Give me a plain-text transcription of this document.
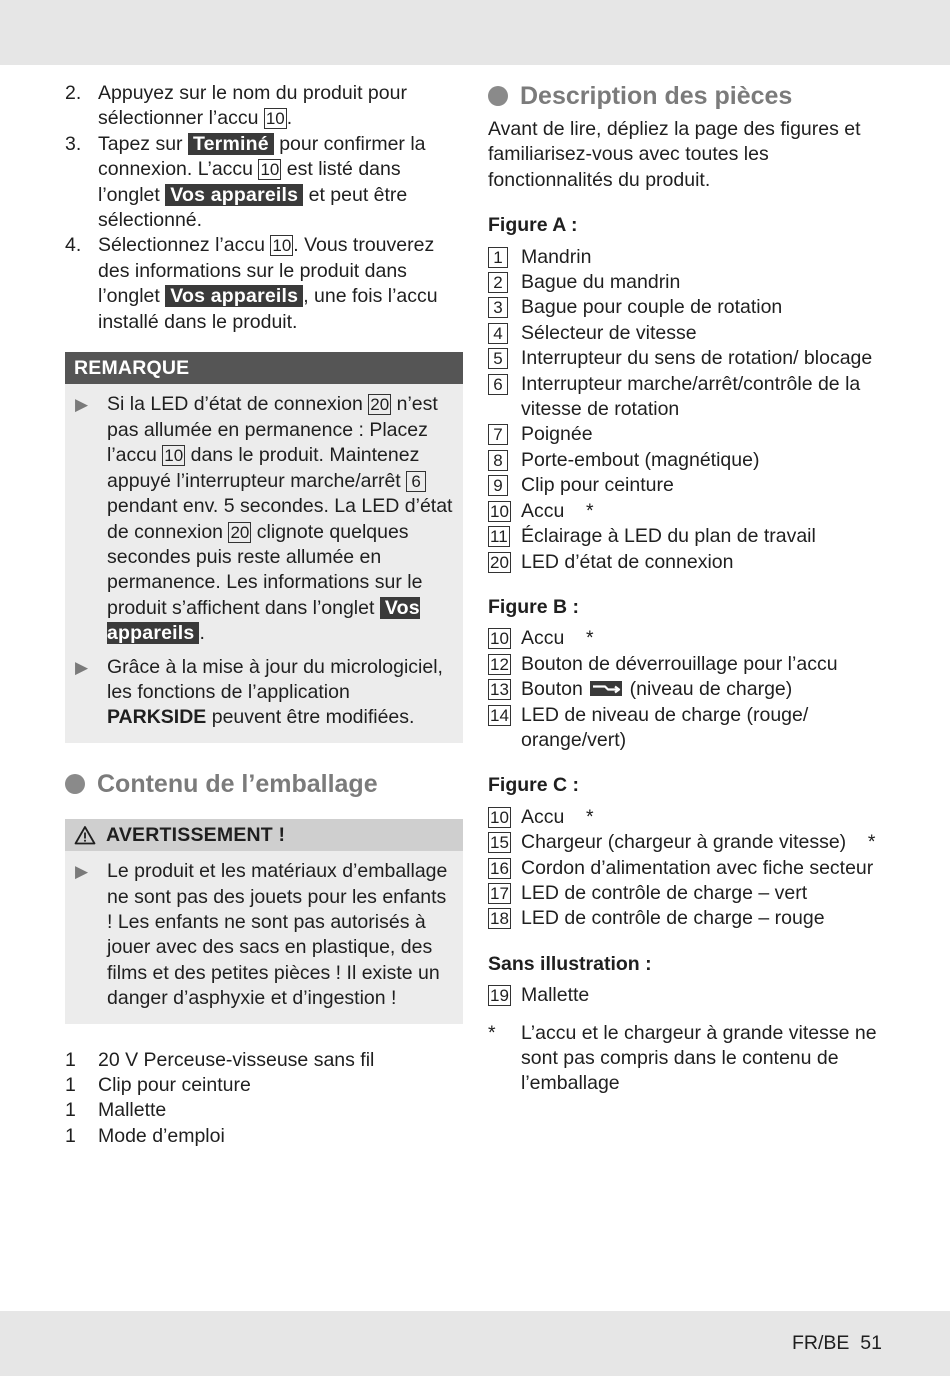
2. Appuyez sur le nom du produit pour sélectionner l’accu 10 .
3. Tapez sur Terminé pour confirmer la connexion. L’accu 10 est listé dans l’onglet Vos appareils et peut être sélectionné.
4. Sélectionnez l’accu 10 . Vous trouverez des informations sur le produit dans l’onglet Vos appareils , une fois l’accu installé dans le produit.
REMARQUE
▶ Si la LED d’état de connexion 20 n’est pas allumée en permanence : Placez l’accu 10 dans le produit. Maintenez appuyé l’interrupteur marche/arrêt 6 pendant env. 5 secondes. La LED d’état de connexion 20 clignote quelques secondes puis reste allumée en permanence. Les informations sur le produit s’affichent dans l’onglet Vos appareils .
▶ Grâce à la mise à jour du micrologiciel, les fonctions de l’application PARKSIDE peuvent être modifiées.
Contenu de l’emballage
AVERTISSEMENT !
▶ Le produit et les matériaux d’emballage ne sont pas des jouets pour les enfants ! Les enfants ne sont pas autorisés à jouer avec des sacs en plastique, des films et des petites pièces ! Il existe un danger d’asphyxie et d’ingestion !
1	20 V Perceuse-visseuse sans fil
1	Clip pour ceinture
1	Mallette
1	Mode d’emploi
Description des pièces
Avant de lire, dépliez la page des figures et familiarisez-vous avec toutes les fonctionnalités du produit.
Figure A :
1 Mandrin
2 Bague du mandrin
3 Bague pour couple de rotation
4 Sélecteur de vitesse
5 Interrupteur du sens de rotation/ blocage
6 Interrupteur marche/arrêt/contrôle de la vitesse de rotation
7 Poignée
8 Porte-embout (magnétique)
9 Clip pour ceinture
10 Accu    *
11 Éclairage à LED du plan de travail
20 LED d’état de connexion
Figure B :
10 Accu    *
12 Bouton de déverrouillage pour l’accu
13 Bouton (niveau de charge)
14 LED de niveau de charge (rouge/ orange/vert)
Figure C :
10 Accu    *
15 Chargeur (chargeur à grande vitesse)    *
16 Cordon d’alimentation avec fiche secteur
17 LED de contrôle de charge – vert
18 LED de contrôle de charge – rouge
Sans illustration :
19 Mallette
*	L’accu et le chargeur à grande vitesse ne sont pas compris dans le contenu de l’emballage
FR/BE 51
